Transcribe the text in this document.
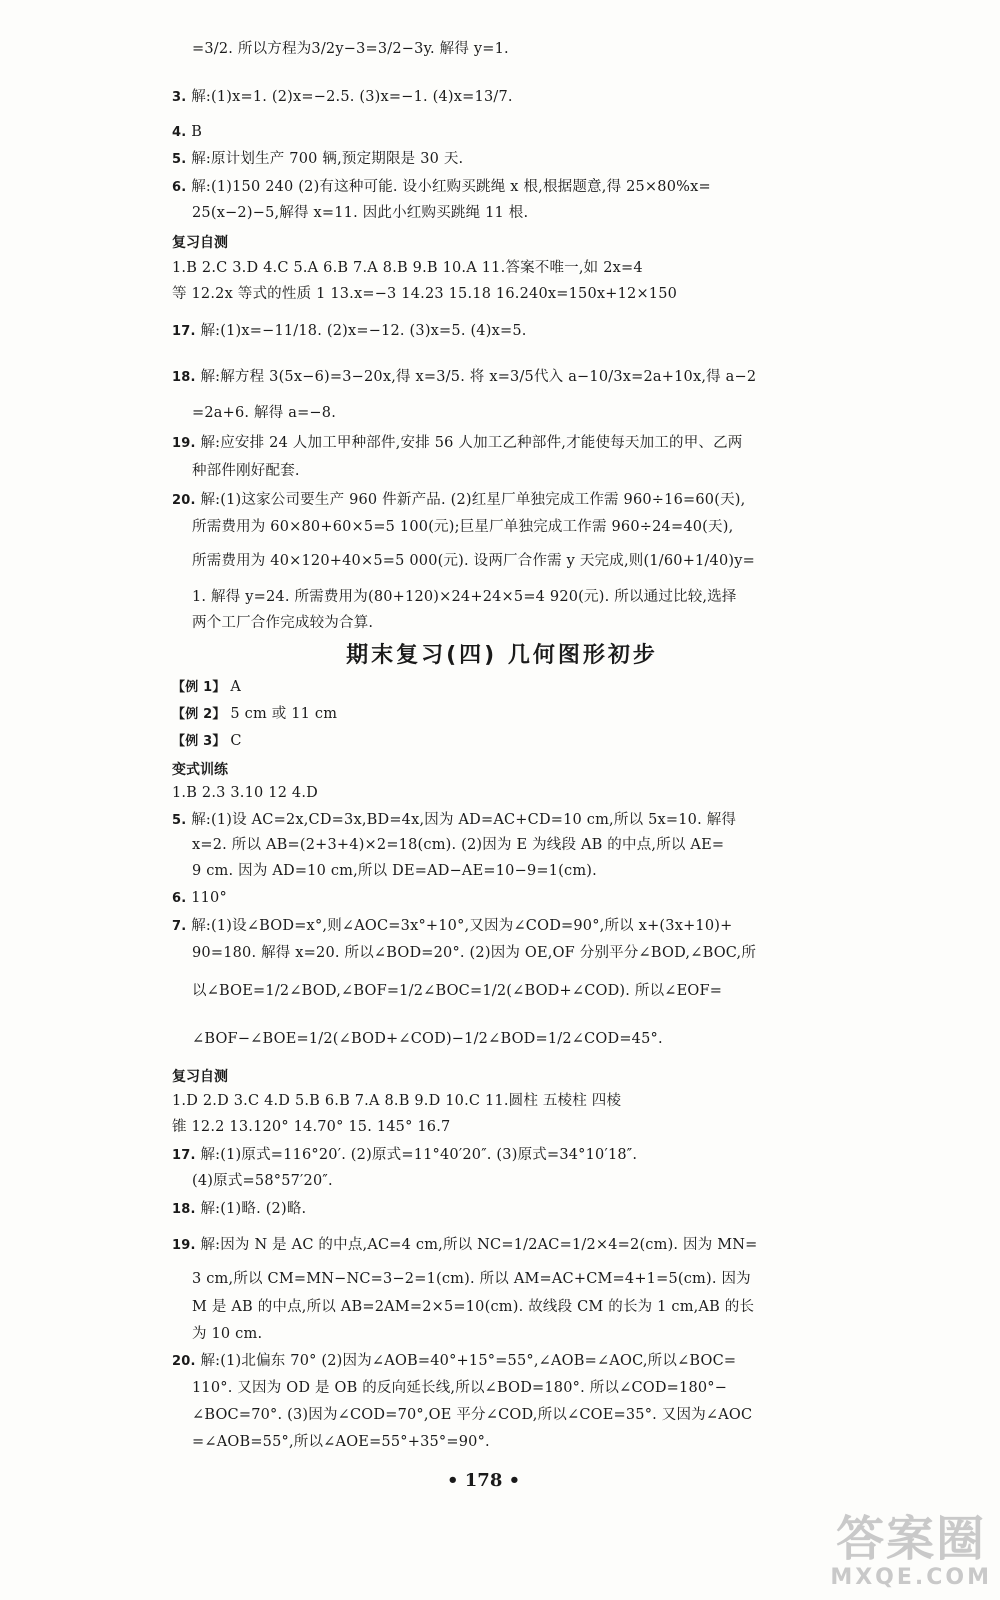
=3/2. 所以方程为3/2y−3=3/2−3y. 解得 y=1.
3. 解:(1)x=1. (2)x=−2.5. (3)x=−1. (4)x=13/7.
4. B
5. 解:原计划生产 700 辆,预定期限是 30 天.
6. 解:(1)150 240 (2)有这种可能. 设小红购买跳绳 x 根,根据题意,得 25×80%x=
25(x−2)−5,解得 x=11. 因此小红购买跳绳 11 根.
复习自测
1.B 2.C 3.D 4.C 5.A 6.B 7.A 8.B 9.B 10.A 11.答案不唯一,如 2x=4
等 12.2x 等式的性质 1 13.x=−3 14.23 15.18 16.240x=150x+12×150
17. 解:(1)x=−11/18. (2)x=−12. (3)x=5. (4)x=5.
18. 解:解方程 3(5x−6)=3−20x,得 x=3/5. 将 x=3/5代入 a−10/3x=2a+10x,得 a−2
=2a+6. 解得 a=−8.
19. 解:应安排 24 人加工甲种部件,安排 56 人加工乙种部件,才能使每天加工的甲、乙两
种部件刚好配套.
20. 解:(1)这家公司要生产 960 件新产品. (2)红星厂单独完成工作需 960÷16=60(天),
所需费用为 60×80+60×5=5 100(元);巨星厂单独完成工作需 960÷24=40(天),
所需费用为 40×120+40×5=5 000(元). 设两厂合作需 y 天完成,则(1/60+1/40)y=
1. 解得 y=24. 所需费用为(80+120)×24+24×5=4 920(元). 所以通过比较,选择
两个工厂合作完成较为合算.
期末复习(四) 几何图形初步
【例 1】 A
【例 2】 5 cm 或 11 cm
【例 3】 C
变式训练
1.B 2.3 3.10 12 4.D
5. 解:(1)设 AC=2x,CD=3x,BD=4x,因为 AD=AC+CD=10 cm,所以 5x=10. 解得
x=2. 所以 AB=(2+3+4)×2=18(cm). (2)因为 E 为线段 AB 的中点,所以 AE=
9 cm. 因为 AD=10 cm,所以 DE=AD−AE=10−9=1(cm).
6. 110°
7. 解:(1)设∠BOD=x°,则∠AOC=3x°+10°,又因为∠COD=90°,所以 x+(3x+10)+
90=180. 解得 x=20. 所以∠BOD=20°. (2)因为 OE,OF 分别平分∠BOD,∠BOC,所
以∠BOE=1/2∠BOD,∠BOF=1/2∠BOC=1/2(∠BOD+∠COD). 所以∠EOF=
∠BOF−∠BOE=1/2(∠BOD+∠COD)−1/2∠BOD=1/2∠COD=45°.
复习自测
1.D 2.D 3.C 4.D 5.B 6.B 7.A 8.B 9.D 10.C 11.圆柱 五棱柱 四棱
锥 12.2 13.120° 14.70° 15. 145° 16.7
17. 解:(1)原式=116°20′. (2)原式=11°40′20″. (3)原式=34°10′18″.
(4)原式=58°57′20″.
18. 解:(1)略. (2)略.
19. 解:因为 N 是 AC 的中点,AC=4 cm,所以 NC=1/2AC=1/2×4=2(cm). 因为 MN=
3 cm,所以 CM=MN−NC=3−2=1(cm). 所以 AM=AC+CM=4+1=5(cm). 因为
M 是 AB 的中点,所以 AB=2AM=2×5=10(cm). 故线段 CM 的长为 1 cm,AB 的长
为 10 cm.
20. 解:(1)北偏东 70° (2)因为∠AOB=40°+15°=55°,∠AOB=∠AOC,所以∠BOC=
110°. 又因为 OD 是 OB 的反向延长线,所以∠BOD=180°. 所以∠COD=180°−
∠BOC=70°. (3)因为∠COD=70°,OE 平分∠COD,所以∠COE=35°. 又因为∠AOC
=∠AOB=55°,所以∠AOE=55°+35°=90°.
• 178 •
答案圈
MXQE.COM
